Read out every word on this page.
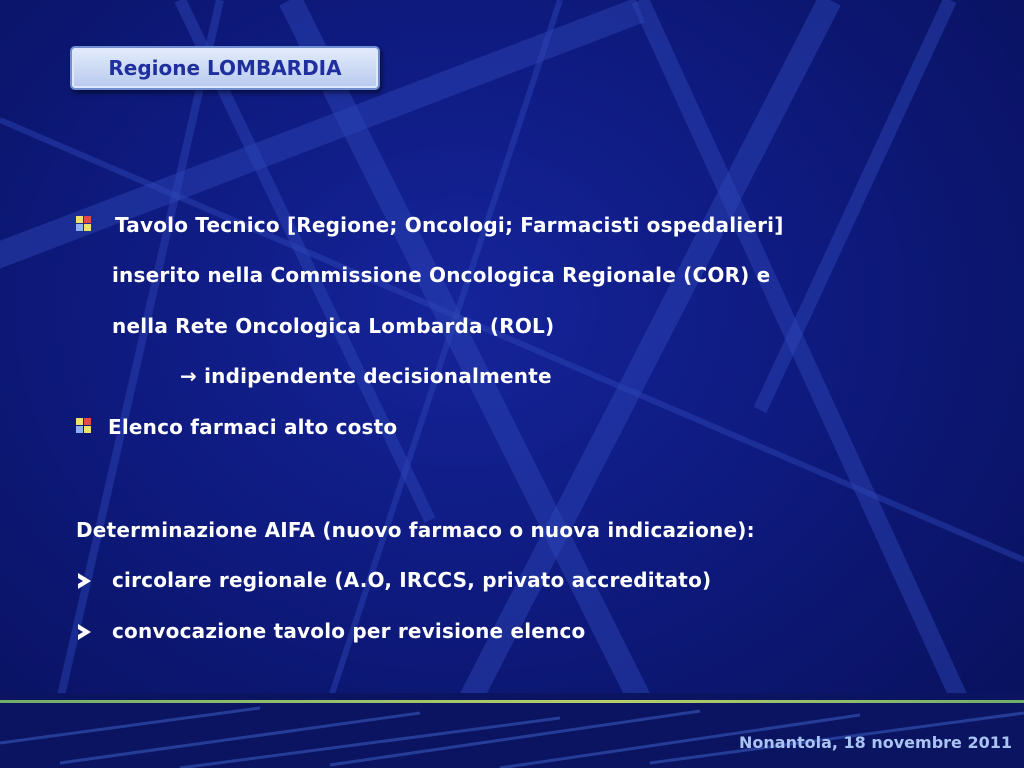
Regione LOMBARDIA
Tavolo Tecnico [Regione; Oncologi; Farmacisti ospedalieri]
inserito nella Commissione Oncologica Regionale (COR) e
nella Rete Oncologica Lombarda (ROL)
→ indipendente decisionalmente
Elenco farmaci alto costo
Determinazione AIFA (nuovo farmaco o nuova indicazione):
circolare regionale (A.O, IRCCS, privato accreditato)
convocazione tavolo per revisione elenco
Nonantola, 18 novembre 2011
